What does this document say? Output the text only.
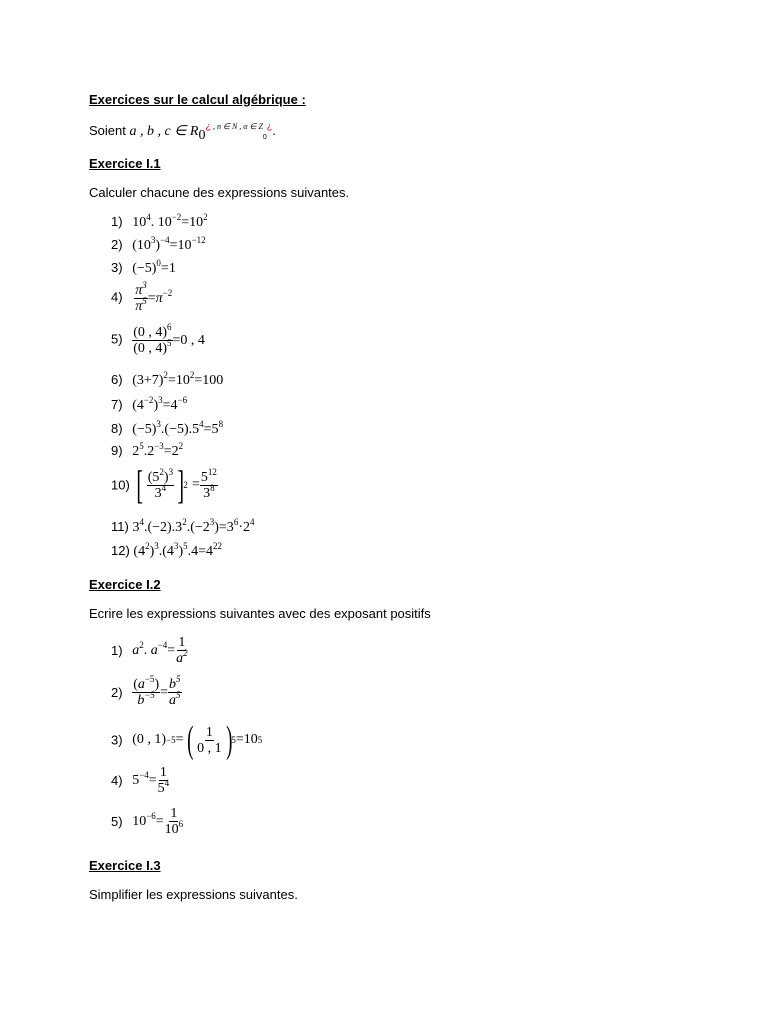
Exercices sur le calcul algébrique :
Soient a , b , c ∈ $R_0^¿$ $^{, n \in N , \alpha \in Z}_0$¿.
Exercice I.1
Calculer chacune des expressions suivantes.
1) $10^4$. $10^{-2}=10^2$
2) $(10^3)^{-4}=10^{-12}$
3) $(-5)^0=1$
$4) \frac{\pi^3}{\pi^5} =\pi^{-2}$
$5) \frac{(0 , 4)^6}{(0 , 4)^5} =0$ , 4
6) $(3+7)^2=10^2=100$
7) $(4^{-2})^3=4^{-6}$
8) $(-5)^3.(-5).5^4=5^8$
9) $2^5.2^{-3}=2^2$
10) [ $\frac{(5^2)^3}{3^4}$ ] $2 = \frac{5^{12}}{3^8}$
11) $3^4.(-2).3^2.(-2^3)=3^6\cdot 2^4$
12) $(4^2)^3.(4^3)^5.4=4^{22}$
Exercice I.2
Ecrire les expressions suivantes avec des exposant positifs
1) $a^2$. $a^{-4}= \frac{1}{a^2}$
$2) \frac{(a^{-5})}{b^{-5}} = \frac{b^5}{a^5}$
3) (0 , 1) −5 = ( $\frac{1}{0 , 1}$ ) 5 =10 5
4) $5^{-4}= \frac{1}{5^4}$
5) $10^{-6}= \frac{1}{10^6}$
Exercice I.3
Simplifier les expressions suivantes.
